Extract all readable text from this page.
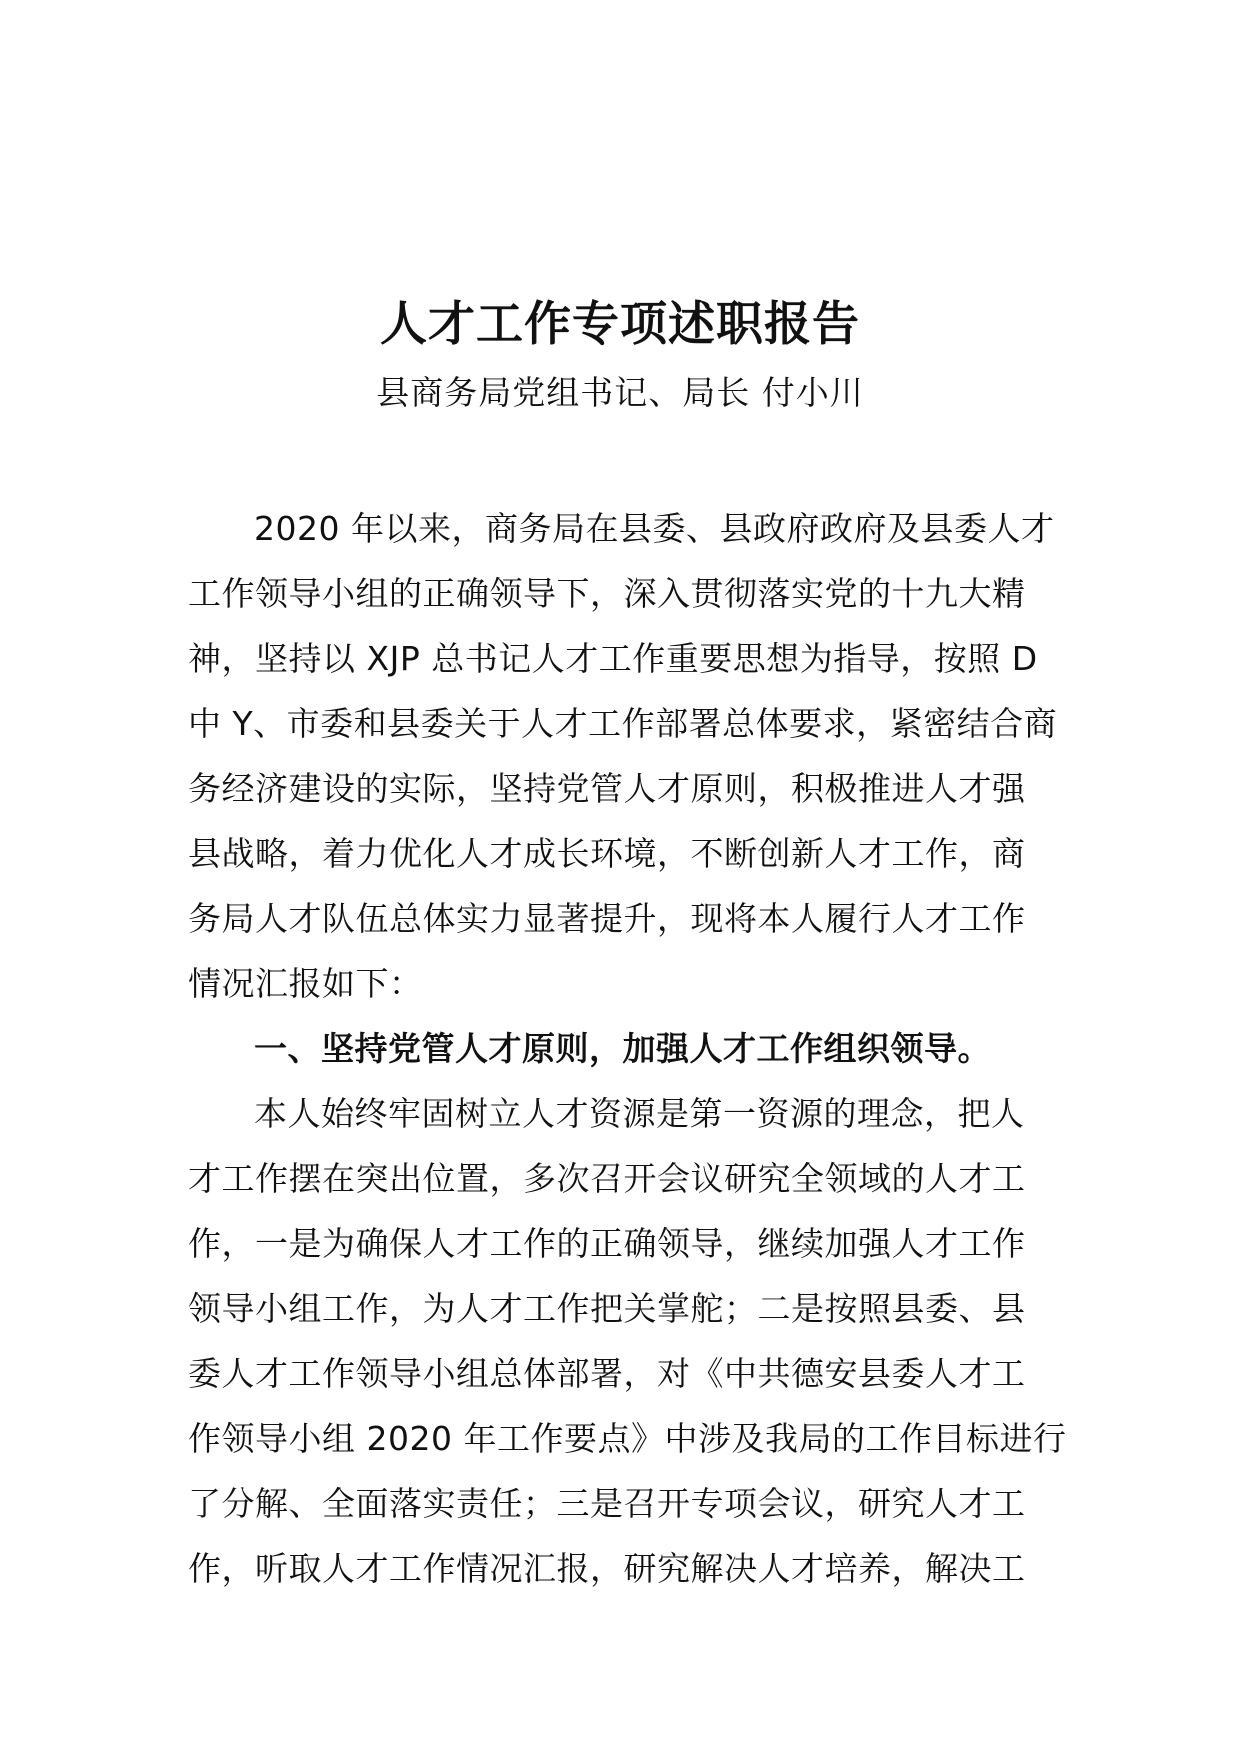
人才工作专项述职报告
县商务局党组书记、局长 付小川
2020 年以来，商务局在县委、县政府政府及县委人才
工作领导小组的正确领导下，深入贯彻落实党的十九大精
神，坚持以 XJP 总书记人才工作重要思想为指导，按照 D
中 Y、市委和县委关于人才工作部署总体要求，紧密结合商
务经济建设的实际，坚持党管人才原则，积极推进人才强
县战略，着力优化人才成长环境，不断创新人才工作，商
务局人才队伍总体实力显著提升，现将本人履行人才工作
情况汇报如下：
一、坚持党管人才原则，加强人才工作组织领导。
本人始终牢固树立人才资源是第一资源的理念，把人
才工作摆在突出位置，多次召开会议研究全领域的人才工
作，一是为确保人才工作的正确领导，继续加强人才工作
领导小组工作，为人才工作把关掌舵；二是按照县委、县
委人才工作领导小组总体部署，对《中共德安县委人才工
作领导小组 2020 年工作要点》中涉及我局的工作目标进行
了分解、全面落实责任；三是召开专项会议，研究人才工
作，听取人才工作情况汇报，研究解决人才培养，解决工
